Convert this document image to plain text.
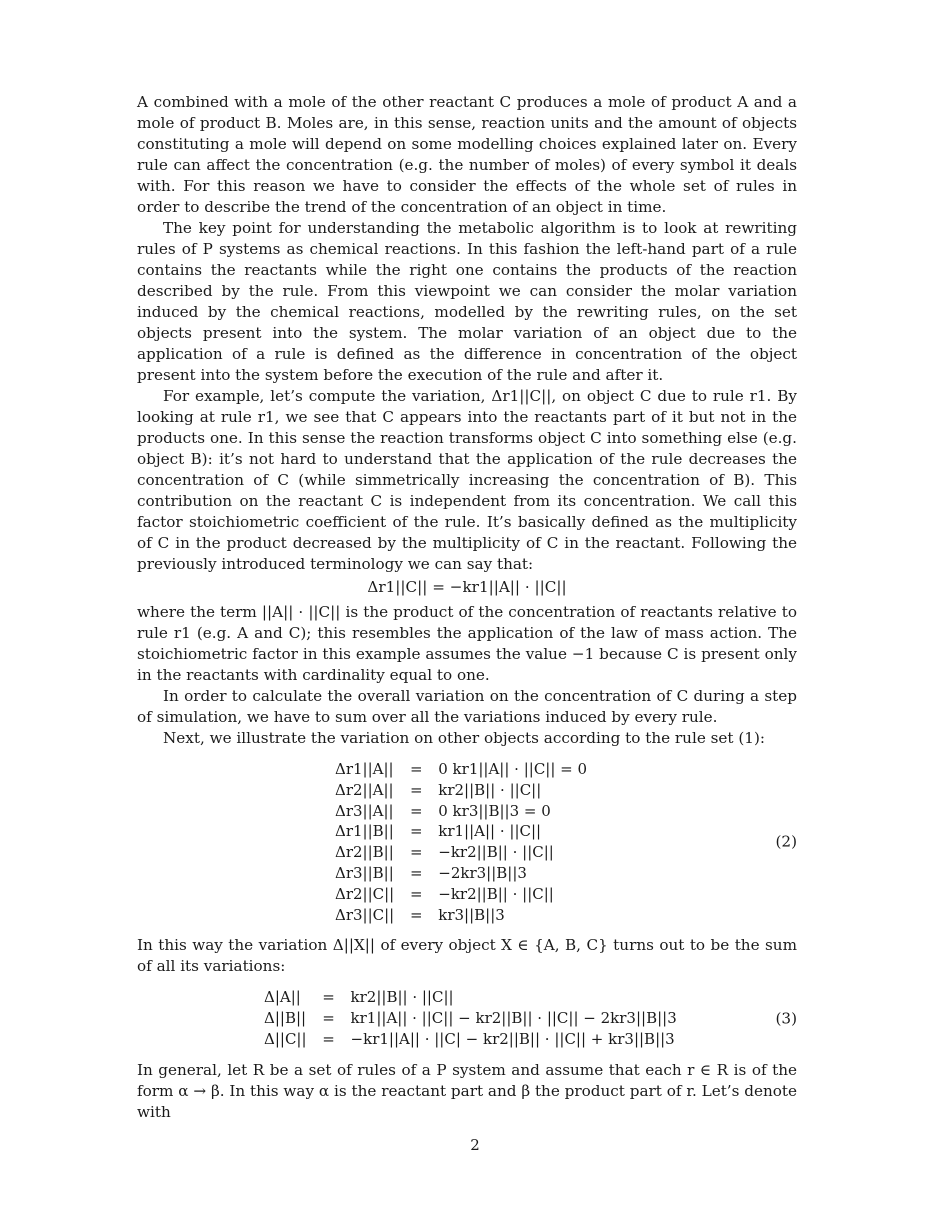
A combined with a mole of the other reactant C produces a mole of product A and a mole of product B. Moles are, in this sense, reaction units and the amount of objects constituting a mole will depend on some modelling choices explained later on. Every rule can affect the concentration (e.g. the number of moles) of every symbol it deals with. For this reason we have to consider the effects of the whole set of rules in order to describe the trend of the concentration of an object in time.

The key point for understanding the metabolic algorithm is to look at rewriting rules of P systems as chemical reactions. In this fashion the left-hand part of a rule contains the reactants while the right one contains the products of the reaction described by the rule. From this viewpoint we can consider the molar variation induced by the chemical reactions, modelled by the rewriting rules, on the set objects present into the system. The molar variation of an object due to the application of a rule is defined as the difference in concentration of the object present into the system before the execution of the rule and after it.

For example, let’s compute the variation, Δr1||C||, on object C due to rule r1. By looking at rule r1, we see that C appears into the reactants part of it but not in the products one. In this sense the reaction transforms object C into something else (e.g. object B): it’s not hard to understand that the application of the rule decreases the concentration of C (while simmetrically increasing the concentration of B). This contribution on the reactant C is independent from its concentration. We call this factor stoichiometric coefficient of the rule. It’s basically defined as the multiplicity of C in the product decreased by the multiplicity of C in the reactant. Following the previously introduced terminology we can say that:

Δr1||C|| = −kr1||A|| · ||C||

where the term ||A|| · ||C|| is the product of the concentration of reactants relative to rule r1 (e.g. A and C); this resembles the application of the law of mass action. The stoichiometric factor in this example assumes the value −1 because C is present only in the reactants with cardinality equal to one.

In order to calculate the overall variation on the concentration of C during a step of simulation, we have to sum over all the variations induced by every rule.

Next, we illustrate the variation on other objects according to the rule set (1):

Δr1||A||	=	0 kr1||A|| · ||C|| = 0
Δr2||A||	=	kr2||B|| · ||C||
Δr3||A||	=	0 kr3||B||3 = 0
Δr1||B||	=	kr1||A|| · ||C||
Δr2||B||	=	−kr2||B|| · ||C||
Δr3||B||	=	−2kr3||B||3
Δr2||C||	=	−kr2||B|| · ||C||
Δr3||C||	=	kr3||B||3
(2)

In this way the variation Δ||X|| of every object X ∈ {A, B, C} turns out to be the sum of all its variations:

Δ|A||	=	kr2||B|| · ||C||
Δ||B||	=	kr1||A|| · ||C|| − kr2||B|| · ||C|| − 2kr3||B||3
Δ||C||	=	−kr1||A|| · ||C| − kr2||B|| · ||C|| + kr3||B||3
(3)

In general, let R be a set of rules of a P system and assume that each r ∈ R is of the form α → β. In this way α is the reactant part and β the product part of r. Let’s denote with

2
